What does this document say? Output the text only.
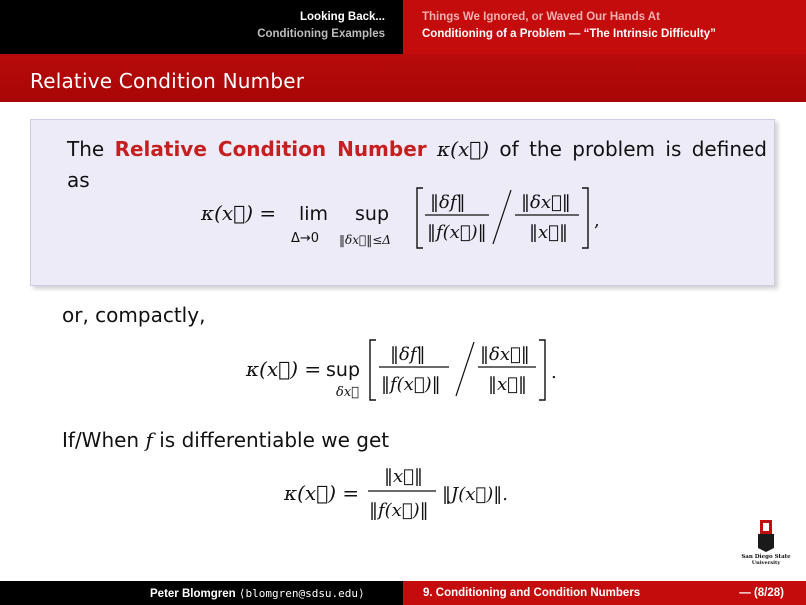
Looking Back...
Conditioning Examples
Things We Ignored, or Waved Our Hands At
Conditioning of a Problem — “The Intrinsic Difficulty”
Relative Condition Number
The Relative Condition Number κ(x⃗) of the problem is defined
as
κ(x⃗) = lim
Δ→0
sup
‖δx⃗‖≤Δ
‖δf‖
‖f(x⃗)‖
‖δx⃗‖
‖x⃗‖
,
or, compactly,
κ(x⃗) = sup
δx⃗
‖δf‖
‖f(x⃗)‖
‖δx⃗‖
‖x⃗‖
.
If/When f is differentiable we get
κ(x⃗) =
‖x⃗‖
‖f(x⃗)‖
‖J(x⃗)‖.
San Diego State
University
Peter Blomgren ⟨blomgren@sdsu.edu⟩	9. Conditioning and Condition Numbers	— (8/28)
